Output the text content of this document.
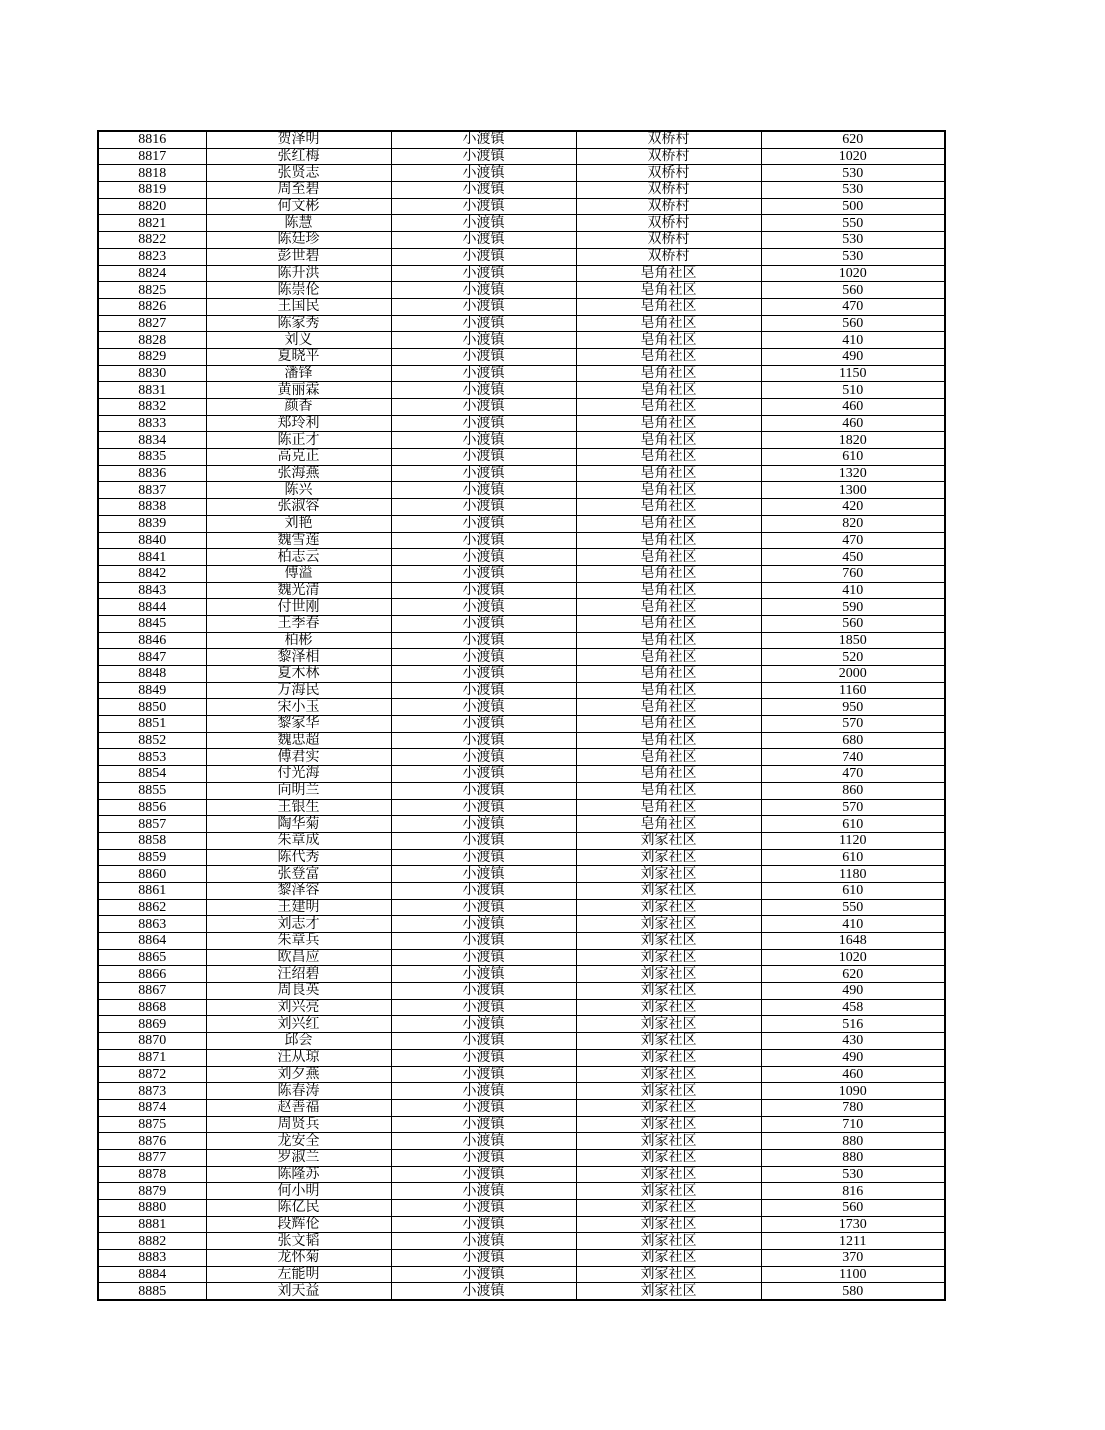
8816	贺泽明	小渡镇	双桥村	620
8817	张红梅	小渡镇	双桥村	1020
8818	张贤志	小渡镇	双桥村	530
8819	周至碧	小渡镇	双桥村	530
8820	何文彬	小渡镇	双桥村	500
8821	陈慧	小渡镇	双桥村	550
8822	陈廷珍	小渡镇	双桥村	530
8823	彭世碧	小渡镇	双桥村	530
8824	陈升洪	小渡镇	皂角社区	1020
8825	陈崇伦	小渡镇	皂角社区	560
8826	王国民	小渡镇	皂角社区	470
8827	陈家秀	小渡镇	皂角社区	560
8828	刘义	小渡镇	皂角社区	410
8829	夏晓平	小渡镇	皂角社区	490
8830	潘锋	小渡镇	皂角社区	1150
8831	黄丽霖	小渡镇	皂角社区	510
8832	颜香	小渡镇	皂角社区	460
8833	郑玲利	小渡镇	皂角社区	460
8834	陈正才	小渡镇	皂角社区	1820
8835	高克正	小渡镇	皂角社区	610
8836	张海燕	小渡镇	皂角社区	1320
8837	陈兴	小渡镇	皂角社区	1300
8838	张淑容	小渡镇	皂角社区	420
8839	刘艳	小渡镇	皂角社区	820
8840	魏雪莲	小渡镇	皂角社区	470
8841	柏志云	小渡镇	皂角社区	450
8842	傅溢	小渡镇	皂角社区	760
8843	魏光清	小渡镇	皂角社区	410
8844	付世刚	小渡镇	皂角社区	590
8845	王季春	小渡镇	皂角社区	560
8846	柏彬	小渡镇	皂角社区	1850
8847	黎泽相	小渡镇	皂角社区	520
8848	夏木林	小渡镇	皂角社区	2000
8849	万海民	小渡镇	皂角社区	1160
8850	宋小玉	小渡镇	皂角社区	950
8851	黎家华	小渡镇	皂角社区	570
8852	魏忠超	小渡镇	皂角社区	680
8853	傅君实	小渡镇	皂角社区	740
8854	付光海	小渡镇	皂角社区	470
8855	向明兰	小渡镇	皂角社区	860
8856	王银生	小渡镇	皂角社区	570
8857	陶华菊	小渡镇	皂角社区	610
8858	朱章成	小渡镇	刘家社区	1120
8859	陈代秀	小渡镇	刘家社区	610
8860	张登富	小渡镇	刘家社区	1180
8861	黎泽容	小渡镇	刘家社区	610
8862	王建明	小渡镇	刘家社区	550
8863	刘志才	小渡镇	刘家社区	410
8864	朱章兵	小渡镇	刘家社区	1648
8865	欧昌应	小渡镇	刘家社区	1020
8866	汪绍碧	小渡镇	刘家社区	620
8867	周良英	小渡镇	刘家社区	490
8868	刘兴亮	小渡镇	刘家社区	458
8869	刘兴红	小渡镇	刘家社区	516
8870	邱会	小渡镇	刘家社区	430
8871	汪从琼	小渡镇	刘家社区	490
8872	刘夕燕	小渡镇	刘家社区	460
8873	陈春涛	小渡镇	刘家社区	1090
8874	赵善福	小渡镇	刘家社区	780
8875	周贤兵	小渡镇	刘家社区	710
8876	龙安全	小渡镇	刘家社区	880
8877	罗淑兰	小渡镇	刘家社区	880
8878	陈隆苏	小渡镇	刘家社区	530
8879	何小明	小渡镇	刘家社区	816
8880	陈亿民	小渡镇	刘家社区	560
8881	段辉伦	小渡镇	刘家社区	1730
8882	张文韬	小渡镇	刘家社区	1211
8883	龙怀菊	小渡镇	刘家社区	370
8884	左能明	小渡镇	刘家社区	1100
8885	刘天益	小渡镇	刘家社区	580
